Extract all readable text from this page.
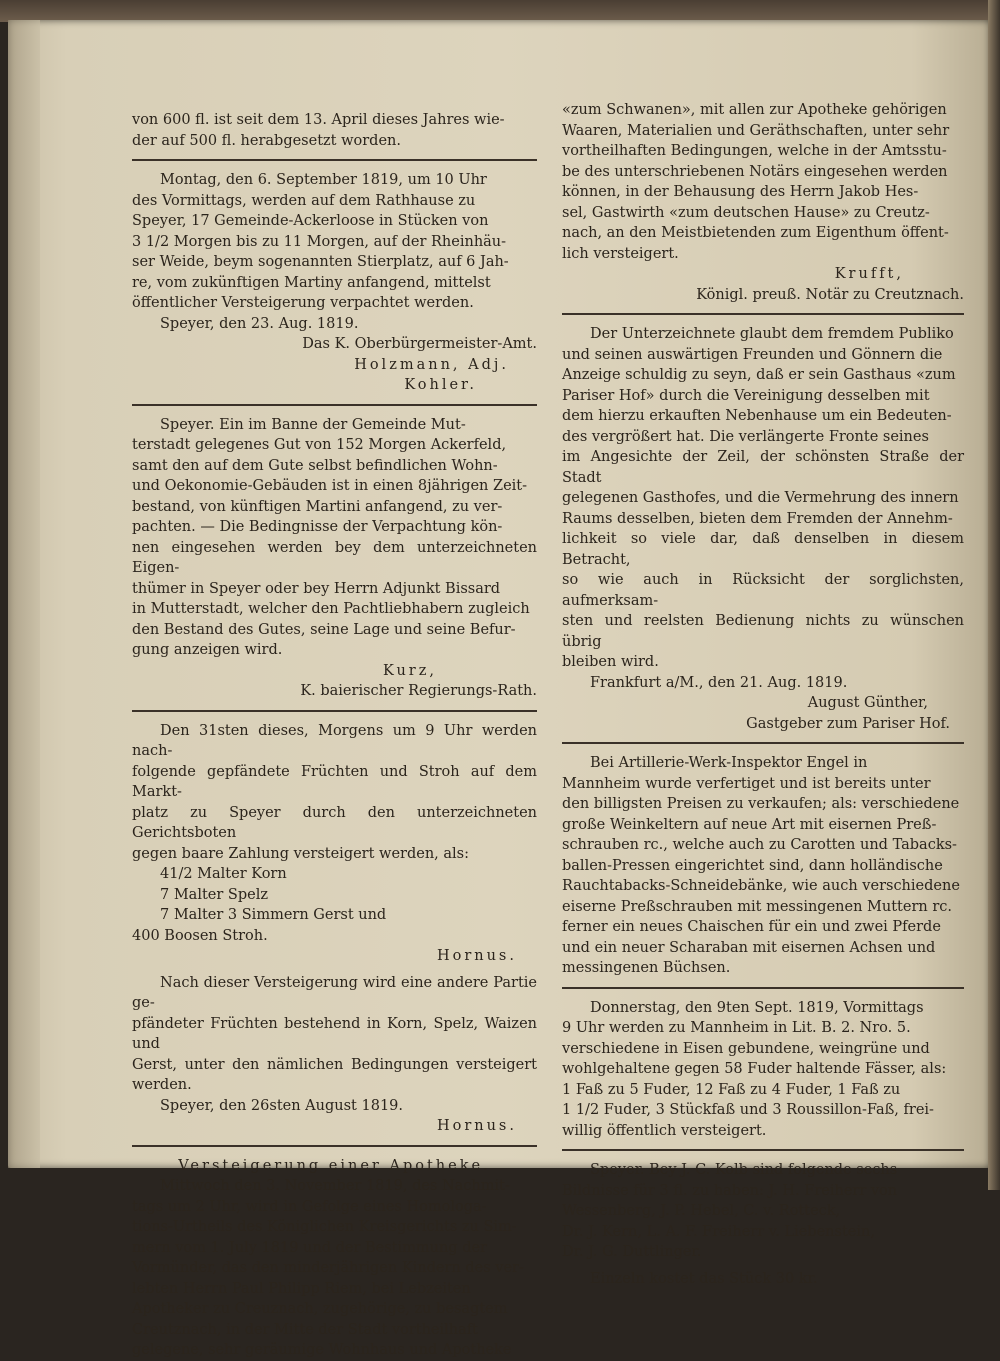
von 600 fl. ist seit dem 13. April dieses Jahres wie-

der auf 500 fl. herabgesetzt worden.

Montag, den 6. September 1819, um 10 Uhr

des Vormittags, werden auf dem Rathhause zu

Speyer, 17 Gemeinde-Ackerloose in Stücken von

3 1/2 Morgen bis zu 11 Morgen, auf der Rheinhäu-

ser Weide, beym sogenannten Stierplatz, auf 6 Jah-

re, vom zukünftigen Martiny anfangend, mittelst

öffentlicher Versteigerung verpachtet werden.

Speyer, den 23. Aug. 1819.

Das K. Oberbürgermeister-Amt.

Holzmann, Adj.

Kohler.

Speyer. Ein im Banne der Gemeinde Mut-

terstadt gelegenes Gut von 152 Morgen Ackerfeld,

samt den auf dem Gute selbst befindlichen Wohn-

und Oekonomie-Gebäuden ist in einen 8jährigen Zeit-

bestand, von künftigen Martini anfangend, zu ver-

pachten. — Die Bedingnisse der Verpachtung kön-

nen eingesehen werden bey dem unterzeichneten Eigen-

thümer in Speyer oder bey Herrn Adjunkt Bissard

in Mutterstadt, welcher den Pachtliebhabern zugleich

den Bestand des Gutes, seine Lage und seine Befur-

gung anzeigen wird.

Kurz,

K. baierischer Regierungs-Rath.

Den 31sten dieses, Morgens um 9 Uhr werden nach-

folgende gepfändete Früchten und Stroh auf dem Markt-

platz zu Speyer durch den unterzeichneten Gerichtsboten

gegen baare Zahlung versteigert werden, als:

41/2 Malter Korn
7 Malter Spelz
7 Malter 3 Simmern Gerst und
400 Boosen Stroh.

Hornus.

Nach dieser Versteigerung wird eine andere Partie ge-

pfändeter Früchten bestehend in Korn, Spelz, Waizen und

Gerst, unter den nämlichen Bedingungen versteigert werden.

Speyer, den 26sten August 1819.

Hornus.

Versteigerung einer Apotheke.

Mittwoch den 3. November 1819, des Nachmit-

tags um 2 Uhr, wird in Gefolge eines Homologa-

tions-Urtheils des Königlichen Kreisgerichts zu Sim-

mern vom 1. July 1819 und der Bestimmung der

Vormünder, das den minderjährigen Kindern des ver-

lebten Herrn Paul Philipp Riem, bei Lebzeiten

Apotheker zu Creuznach, zugehörige, zu besagtem

Creutznach, in der Mitte der Stadt vortheilhaft

gelegene, sehr geräumige Wohnhaus und Apotheke

«zum Schwanen», mit allen zur Apotheke gehörigen

Waaren, Materialien und Geräthschaften, unter sehr

vortheilhaften Bedingungen, welche in der Amtsstu-

be des unterschriebenen Notärs eingesehen werden

können, in der Behausung des Herrn Jakob Hes-

sel, Gastwirth «zum deutschen Hause» zu Creutz-

nach, an den Meistbietenden zum Eigenthum öffent-

lich versteigert.

Krufft,

Königl. preuß. Notär zu Creutznach.

Der Unterzeichnete glaubt dem fremdem Publiko

und seinen auswärtigen Freunden und Gönnern die

Anzeige schuldig zu seyn, daß er sein Gasthaus «zum

Pariser Hof» durch die Vereinigung desselben mit

dem hierzu erkauften Nebenhause um ein Bedeuten-

des vergrößert hat. Die verlängerte Fronte seines

im Angesichte der Zeil, der schönsten Straße der Stadt

gelegenen Gasthofes, und die Vermehrung des innern

Raums desselben, bieten dem Fremden der Annehm-

lichkeit so viele dar, daß denselben in diesem Betracht,

so wie auch in Rücksicht der sorglichsten, aufmerksam-

sten und reelsten Bedienung nichts zu wünschen übrig

bleiben wird.

Frankfurt a/M., den 21. Aug. 1819.

August Günther,

Gastgeber zum Pariser Hof.

Bei Artillerie-Werk-Inspektor Engel in

Mannheim wurde verfertiget und ist bereits unter

den billigsten Preisen zu verkaufen; als: verschiedene

große Weinkeltern auf neue Art mit eisernen Preß-

schrauben rc., welche auch zu Carotten und Tabacks-

ballen-Pressen eingerichtet sind, dann holländische

Rauchtabacks-Schneidebänke, wie auch verschiedene

eiserne Preßschrauben mit messingenen Muttern rc.

ferner ein neues Chaischen für ein und zwei Pferde

und ein neuer Scharaban mit eisernen Achsen und

messingenen Büchsen.

Donnerstag, den 9ten Sept. 1819, Vormittags

9 Uhr werden zu Mannheim in Lit. B. 2. Nro. 5.

verschiedene in Eisen gebundene, weingrüne und

wohlgehaltene gegen 58 Fuder haltende Fässer, als:

1 Faß zu 5 Fuder, 12 Faß zu 4 Fuder, 1 Faß zu

1 1/2 Fuder, 3 Stückfaß und 3 Roussillon-Faß, frei-

willig öffentlich versteigert.

Speyer. Bey J. C. Kolb sind folgende sechs

Bildnisse für 3 fl. zu haben: J. H. Freiherr von

Wessenberg, J. P. Hebel, C. v. Rotteck,

Dr. J. Kern, L. A. F. Freiherr v. Liebenstein,

Dr. J. G. Duttlinger.

Einzeln kostet das Stück 30 kr.
